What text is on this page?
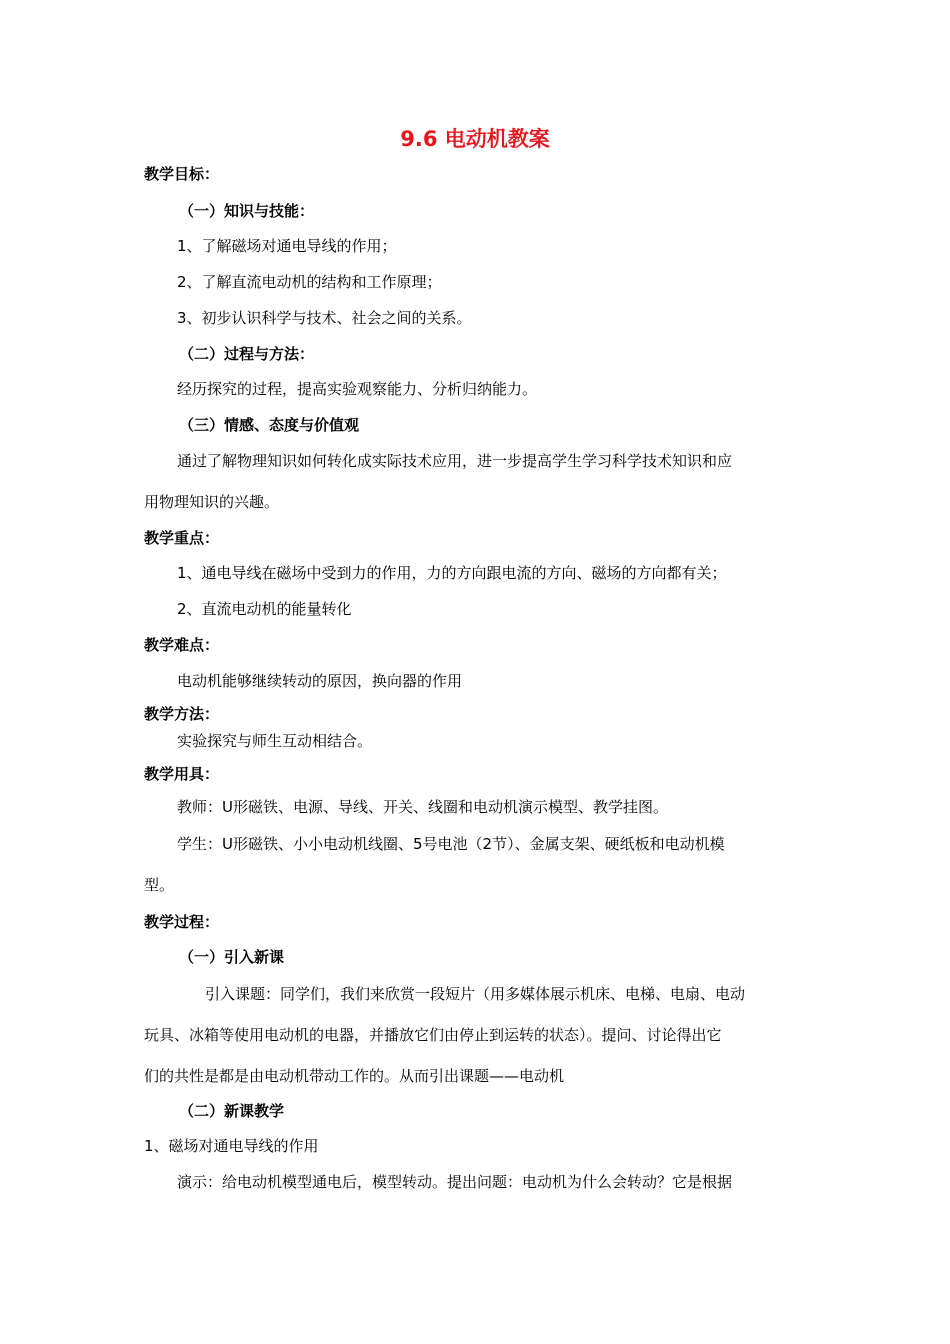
9.6 电动机教案
教学目标：
（一）知识与技能：
1、了解磁场对通电导线的作用；
2、了解直流电动机的结构和工作原理；
3、初步认识科学与技术、社会之间的关系。
（二）过程与方法：
经历探究的过程，提高实验观察能力、分析归纳能力。
（三）情感、态度与价值观
通过了解物理知识如何转化成实际技术应用，进一步提高学生学习科学技术知识和应
用物理知识的兴趣。
教学重点：
1、通电导线在磁场中受到力的作用，力的方向跟电流的方向、磁场的方向都有关；
2、直流电动机的能量转化
教学难点：
电动机能够继续转动的原因，换向器的作用
教学方法：
实验探究与师生互动相结合。
教学用具：
教师：U形磁铁、电源、导线、开关、线圈和电动机演示模型、教学挂图。
学生：U形磁铁、小小电动机线圈、5号电池（2节）、金属支架、硬纸板和电动机模
型。
教学过程：
（一）引入新课
引入课题：同学们，我们来欣赏一段短片（用多媒体展示机床、电梯、电扇、电动
玩具、冰箱等使用电动机的电器，并播放它们由停止到运转的状态）。提问、讨论得出它
们的共性是都是由电动机带动工作的。从而引出课题——电动机
（二）新课教学
1、磁场对通电导线的作用
演示：给电动机模型通电后，模型转动。提出问题：电动机为什么会转动？它是根据
